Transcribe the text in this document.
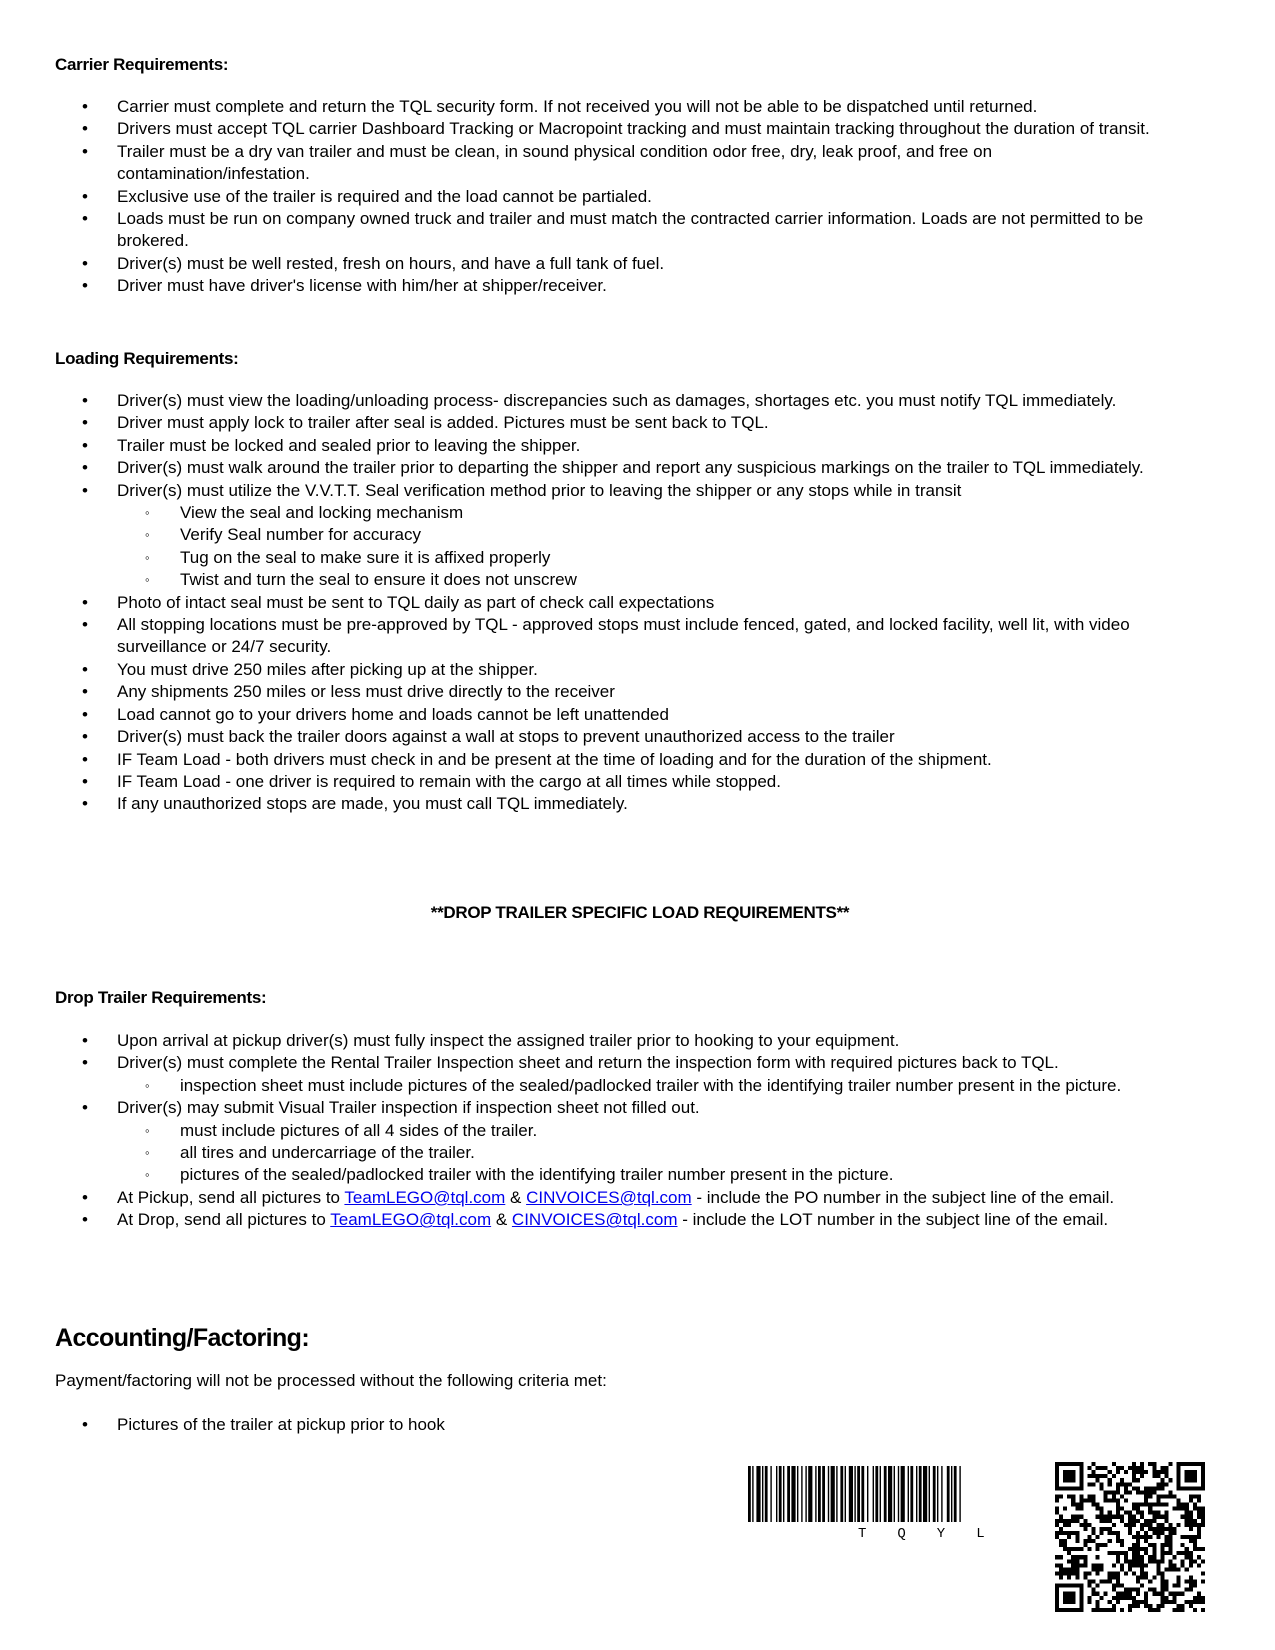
Carrier Requirements:
• Carrier must complete and return the TQL security form. If not received you will not be able to be dispatched until returned.
• Drivers must accept TQL carrier Dashboard Tracking or Macropoint tracking and must maintain tracking throughout the duration of transit.
• Trailer must be a dry van trailer and must be clean, in sound physical condition odor free, dry, leak proof, and free on contamination/infestation.
• Exclusive use of the trailer is required and the load cannot be partialed.
• Loads must be run on company owned truck and trailer and must match the contracted carrier information. Loads are not permitted to be brokered.
• Driver(s) must be well rested, fresh on hours, and have a full tank of fuel.
• Driver must have driver's license with him/her at shipper/receiver.
Loading Requirements:
• Driver(s) must view the loading/unloading process- discrepancies such as damages, shortages etc. you must notify TQL immediately.
• Driver must apply lock to trailer after seal is added. Pictures must be sent back to TQL.
• Trailer must be locked and sealed prior to leaving the shipper.
• Driver(s) must walk around the trailer prior to departing the shipper and report any suspicious markings on the trailer to TQL immediately.
• Driver(s) must utilize the V.V.T.T. Seal verification method prior to leaving the shipper or any stops while in transit
◦ View the seal and locking mechanism
◦ Verify Seal number for accuracy
◦ Tug on the seal to make sure it is affixed properly
◦ Twist and turn the seal to ensure it does not unscrew
• Photo of intact seal must be sent to TQL daily as part of check call expectations
• All stopping locations must be pre-approved by TQL - approved stops must include fenced, gated, and locked facility, well lit, with video surveillance or 24/7 security.
• You must drive 250 miles after picking up at the shipper.
• Any shipments 250 miles or less must drive directly to the receiver
• Load cannot go to your drivers home and loads cannot be left unattended
• Driver(s) must back the trailer doors against a wall at stops to prevent unauthorized access to the trailer
• IF Team Load - both drivers must check in and be present at the time of loading and for the duration of the shipment.
• IF Team Load - one driver is required to remain with the cargo at all times while stopped.
• If any unauthorized stops are made, you must call TQL immediately.
**DROP TRAILER SPECIFIC LOAD REQUIREMENTS**
Drop Trailer Requirements:
• Upon arrival at pickup driver(s) must fully inspect the assigned trailer prior to hooking to your equipment.
• Driver(s) must complete the Rental Trailer Inspection sheet and return the inspection form with required pictures back to TQL.
◦ inspection sheet must include pictures of the sealed/padlocked trailer with the identifying trailer number present in the picture.
• Driver(s) may submit Visual Trailer inspection if inspection sheet not filled out.
◦ must include pictures of all 4 sides of the trailer.
◦ all tires and undercarriage of the trailer.
◦ pictures of the sealed/padlocked trailer with the identifying trailer number present in the picture.
• At Pickup, send all pictures to TeamLEGO@tql.com & CINVOICES@tql.com - include the PO number in the subject line of the email.
• At Drop, send all pictures to TeamLEGO@tql.com & CINVOICES@tql.com - include the LOT number in the subject line of the email.
Accounting/Factoring:
Payment/factoring will not be processed without the following criteria met:
• Pictures of the trailer at pickup prior to hook
TQYL
